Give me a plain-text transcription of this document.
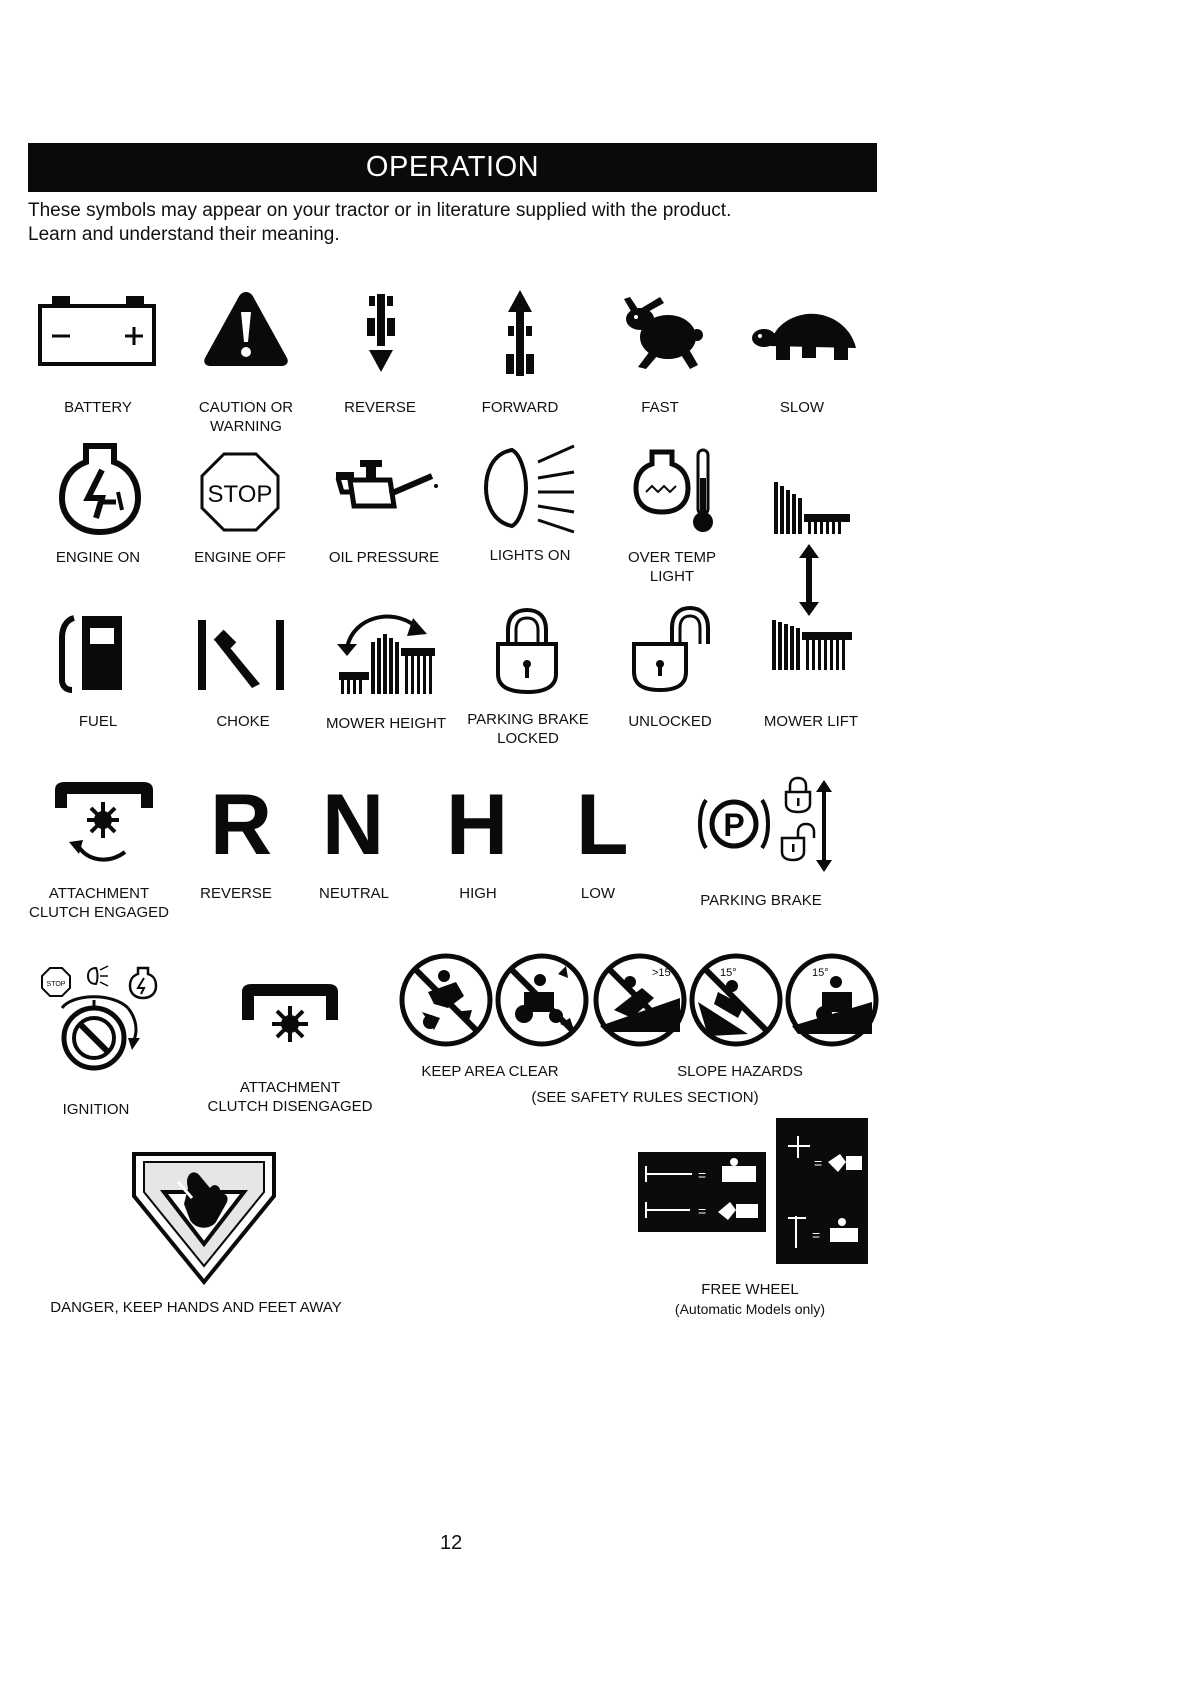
OPERATION
These symbols may appear on your tractor or in literature supplied with the product.
Learn and understand their meaning.
BATTERY	CAUTION OR
WARNING
REVERSE	FORWARD	FAST	SLOW
ENGINE ON
STOP
ENGINE OFF	OIL PRESSURE	LIGHTS ON	OVER TEMP
LIGHT
MOWER LIFT
FUEL	CHOKE	MOWER HEIGHT	PARKING BRAKE
LOCKED
UNLOCKED
ATTACHMENT
CLUTCH ENGAGED
R
REVERSE
N
NEUTRAL
H
HIGH
L
LOW
P
PARKING BRAKE
STOP
IGNITION
ATTACHMENT
CLUTCH DISENGAGED
>15°	15°	15°
KEEP AREA CLEAR	SLOPE HAZARDS
(SEE SAFETY RULES SECTION)
DANGER, KEEP HANDS AND FEET AWAY
=
=
=
=
FREE WHEEL
(Automatic Models only)
12
